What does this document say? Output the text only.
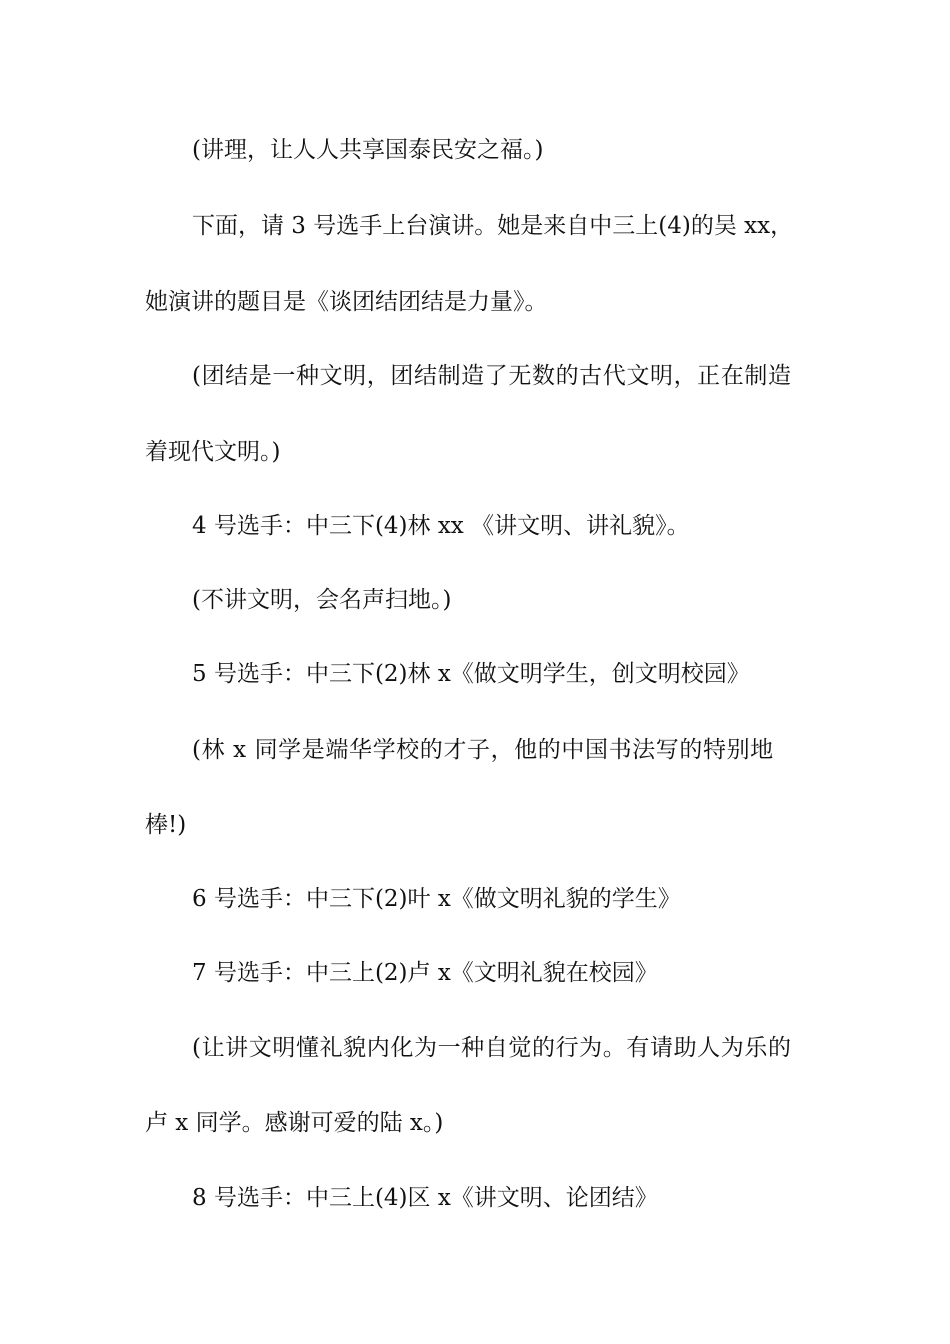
(讲理，让人人共享国泰民安之福。)
下面，请 3 号选手上台演讲。她是来自中三上(4)的吴 xx，
她演讲的题目是《谈团结团结是力量》。
(团结是一种文明，团结制造了无数的古代文明，正在制造
着现代文明。)
4 号选手：中三下(4)林 xx 《讲文明、讲礼貌》。
(不讲文明，会名声扫地。)
5 号选手：中三下(2)林 x《做文明学生，创文明校园》
(林 x 同学是端华学校的才子，他的中国书法写的特别地
棒!)
6 号选手：中三下(2)叶 x《做文明礼貌的学生》
7 号选手：中三上(2)卢 x《文明礼貌在校园》
(让讲文明懂礼貌内化为一种自觉的行为。有请助人为乐的
卢 x 同学。感谢可爱的陆 x。)
8 号选手：中三上(4)区 x《讲文明、论团结》
